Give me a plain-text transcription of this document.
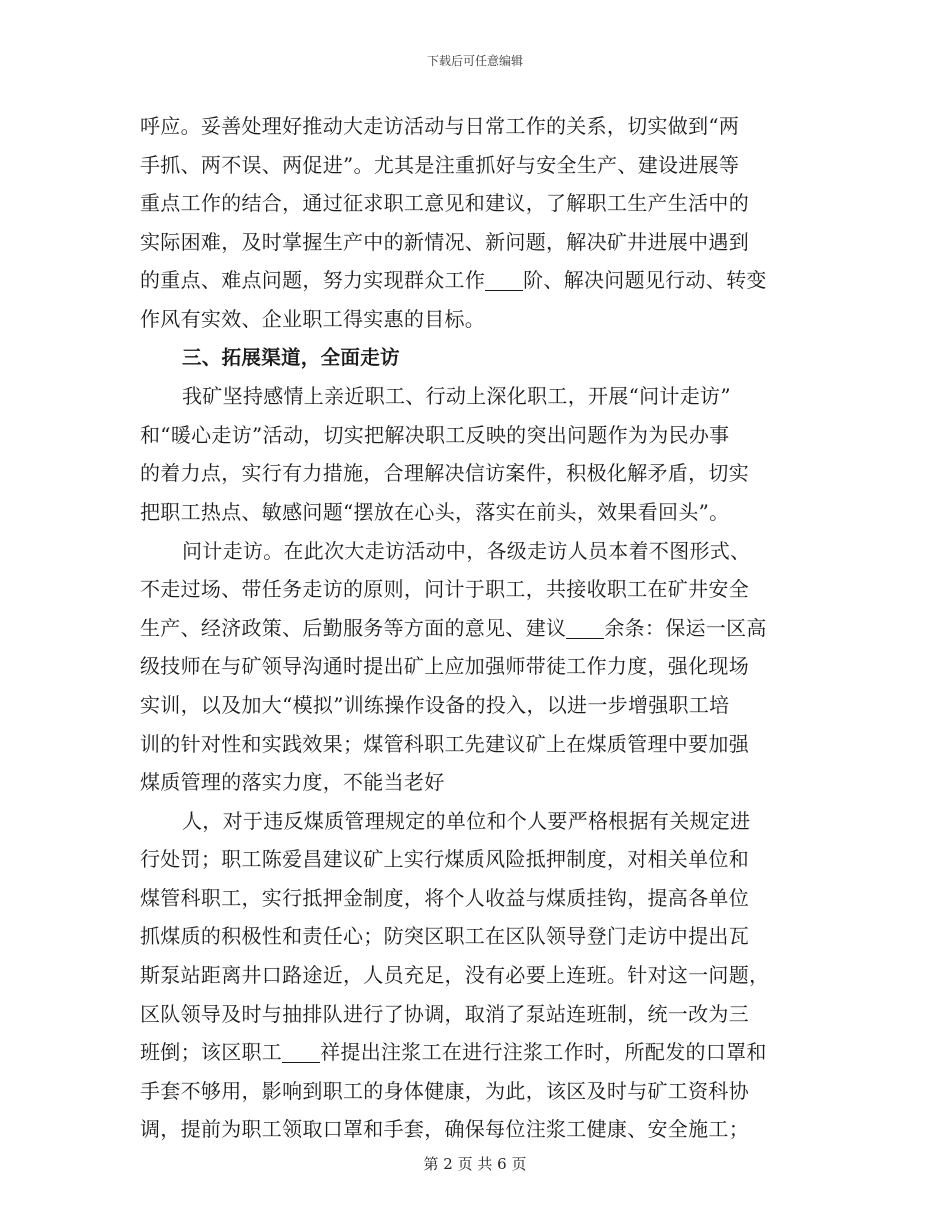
下载后可任意编辑
呼应。妥善处理好推动大走访活动与日常工作的关系，切实做到“两
手抓、两不误、两促进”。尤其是注重抓好与安全生产、建设进展等
重点工作的结合，通过征求职工意见和建议，了解职工生产生活中的
实际困难，及时掌握生产中的新情况、新问题，解决矿井进展中遇到
的重点、难点问题，努力实现群众工作 阶、解决问题见行动、转变
作风有实效、企业职工得实惠的目标。
三、拓展渠道，全面走访
我矿坚持感情上亲近职工、行动上深化职工，开展“问计走访”
和“暖心走访”活动，切实把解决职工反映的突出问题作为为民办事
的着力点，实行有力措施，合理解决信访案件，积极化解矛盾，切实
把职工热点、敏感问题“摆放在心头，落实在前头，效果看回头”。
问计走访。在此次大走访活动中，各级走访人员本着不图形式、
不走过场、带任务走访的原则，问计于职工，共接收职工在矿井安全
生产、经济政策、后勤服务等方面的意见、建议 余条：保运一区高
级技师在与矿领导沟通时提出矿上应加强师带徒工作力度，强化现场
实训，以及加大“模拟”训练操作设备的投入，以进一步增强职工培
训的针对性和实践效果；煤管科职工先建议矿上在煤质管理中要加强
煤质管理的落实力度，不能当老好
人，对于违反煤质管理规定的单位和个人要严格根据有关规定进
行处罚；职工陈爱昌建议矿上实行煤质风险抵押制度，对相关单位和
煤管科职工，实行抵押金制度，将个人收益与煤质挂钩，提高各单位
抓煤质的积极性和责任心；防突区职工在区队领导登门走访中提出瓦
斯泵站距离井口路途近，人员充足，没有必要上连班。针对这一问题，
区队领导及时与抽排队进行了协调，取消了泵站连班制，统一改为三
班倒；该区职工 祥提出注浆工在进行注浆工作时，所配发的口罩和
手套不够用，影响到职工的身体健康，为此，该区及时与矿工资科协
调，提前为职工领取口罩和手套，确保每位注浆工健康、安全施工；
第 2 页 共 6 页
